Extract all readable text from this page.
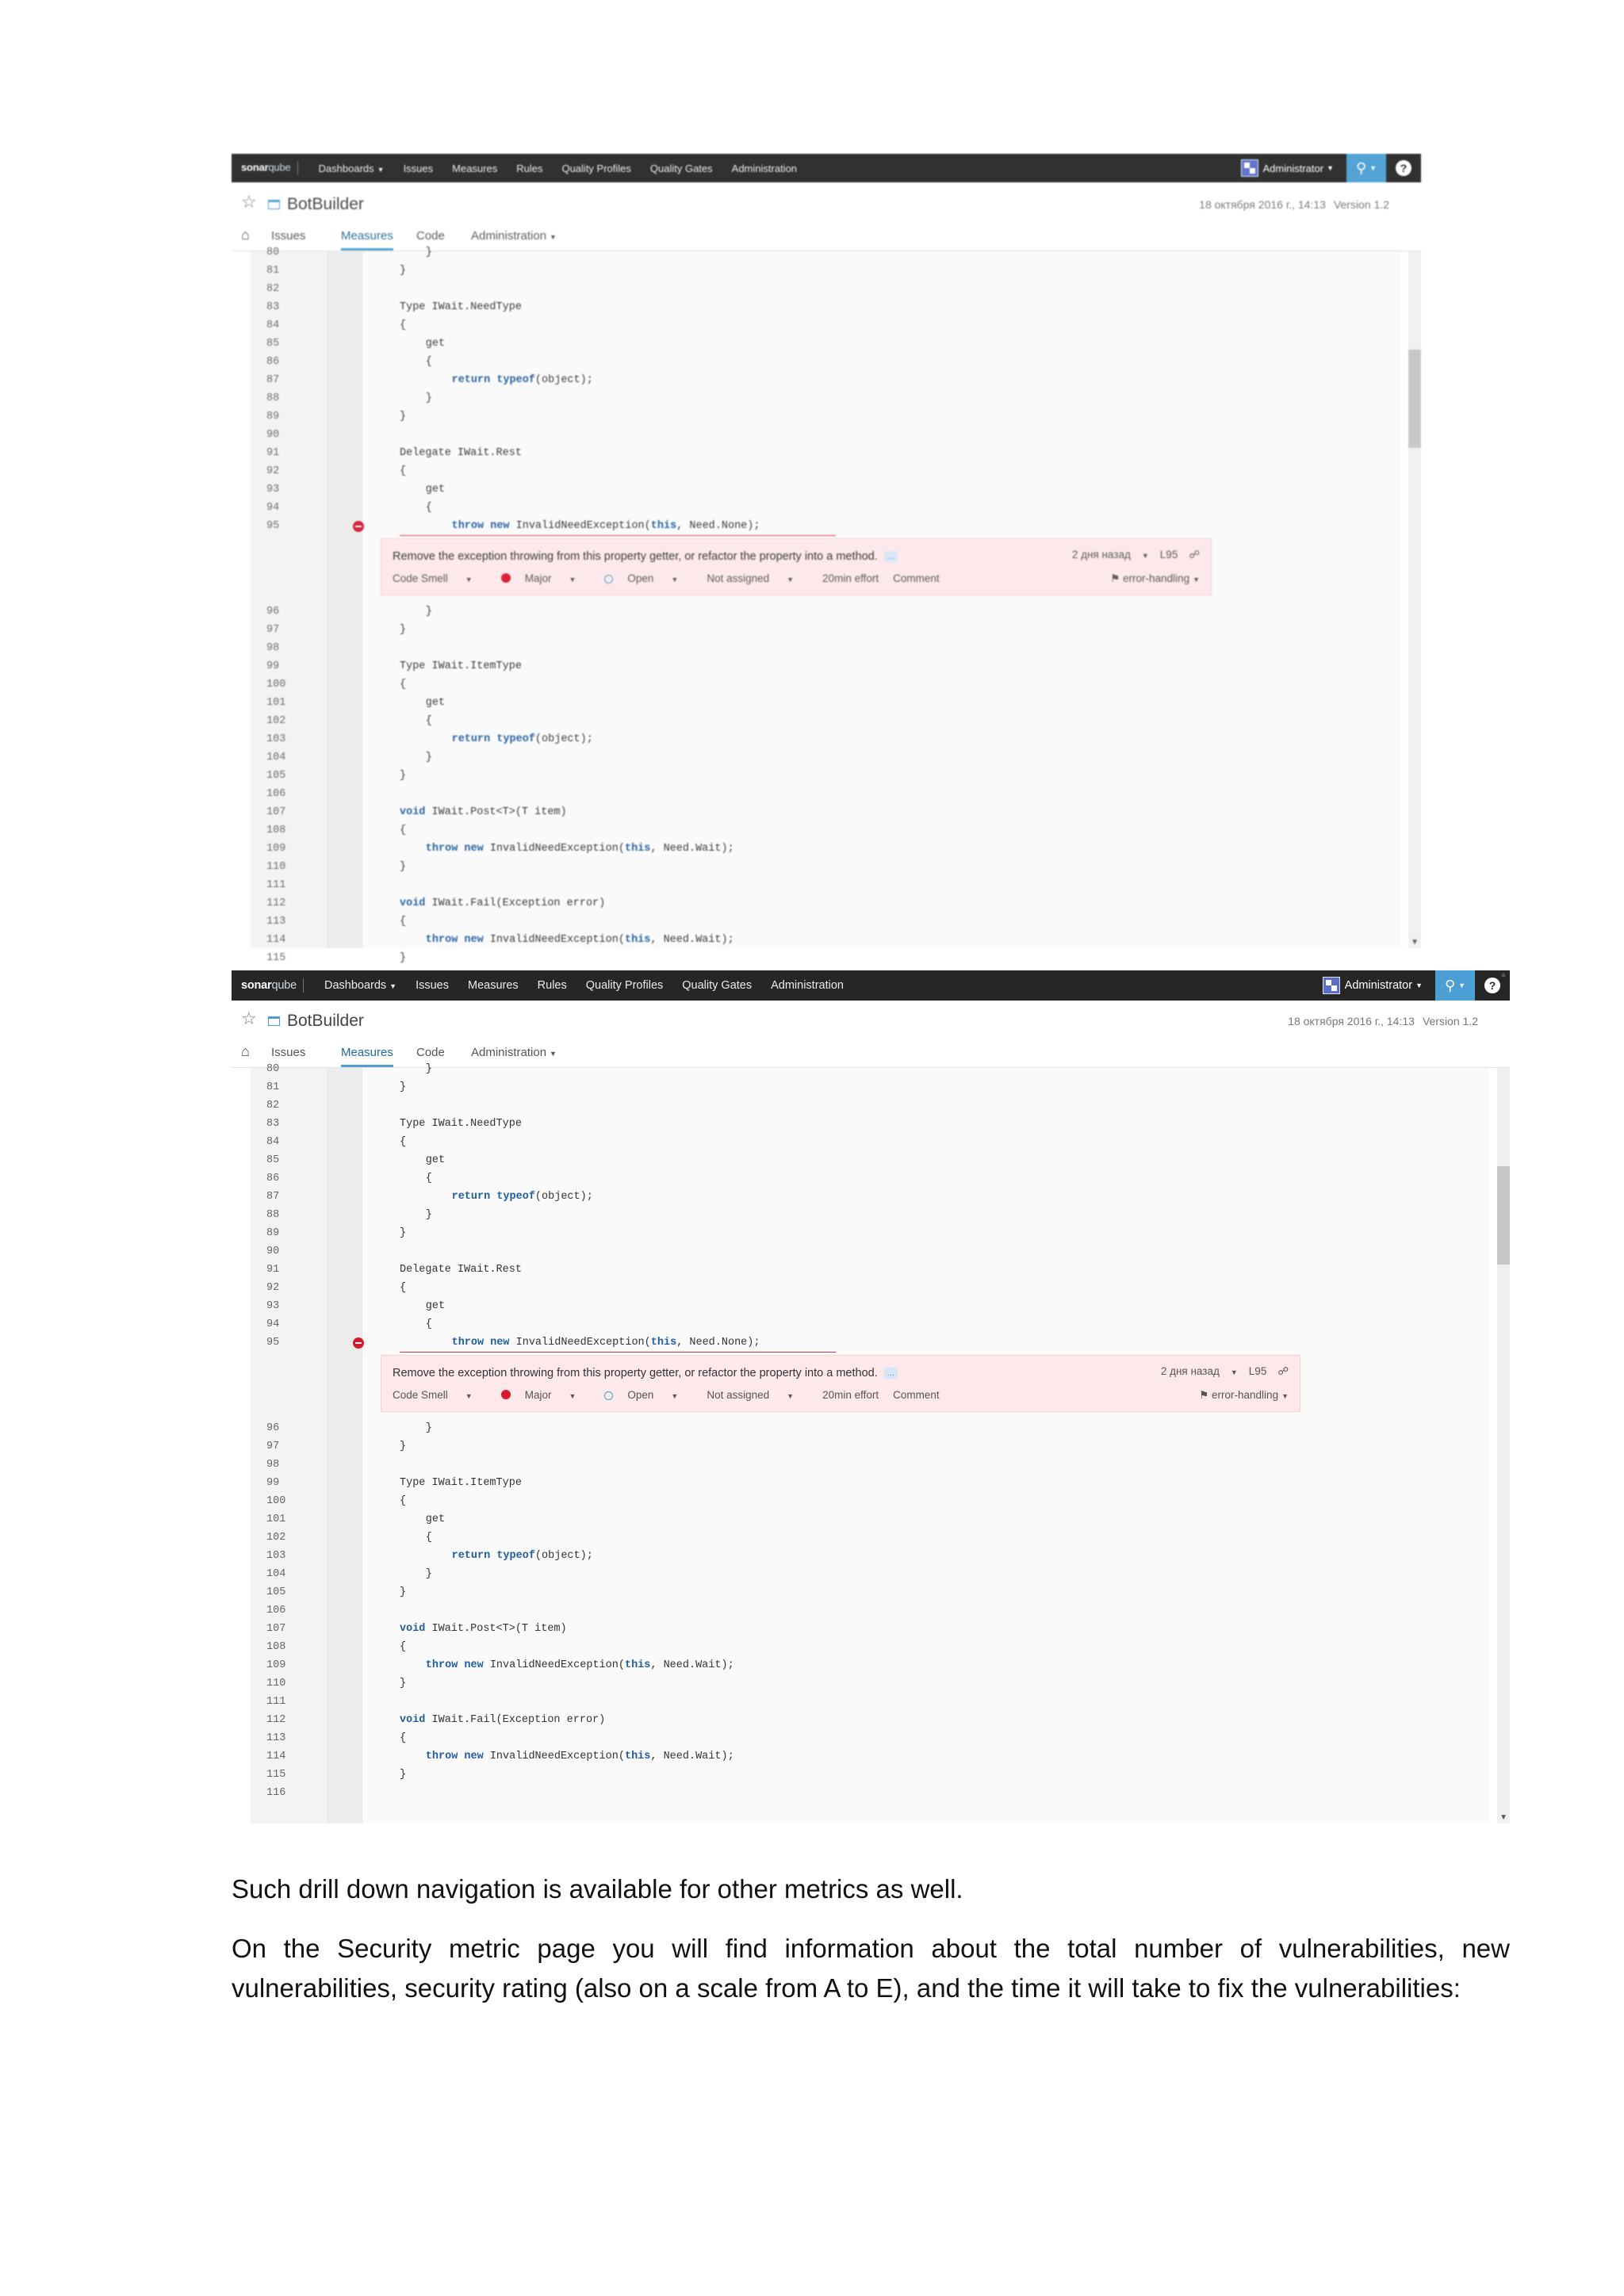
sonarqube	Dashboards ▼ Issues Measures Rules Quality Profiles Quality Gates Administration	Administrator ▼ ⚲ ▼	?
☆ BotBuilder	18 октября 2016 г., 14:13 Version 1.2
⌂ Issues	Measures Code Administration ▼
▼
80	}
81	}
82
83	Type IWait.NeedType
84	{
85	get
86	{
87	return typeof(object);
88	}
89	}
90
91	Delegate IWait.Rest
92	{
93	get
94	{
95	throw new InvalidNeedException(this, Need.None);
Remove the exception throwing from this property getter, or refactor the property into a method. ...
Code Smell ▼	Major ▼	Open ▼	Not assigned ▼	20min effort Comment
2 дня назад ▼ L95 ☍
⚑ error-handling ▼
96	}
97	}
98
99	Type IWait.ItemType
100	{
101	get
102	{
103	return typeof(object);
104	}
105	}
106
107	void IWait.Post<T>(T item)
108	{
109	throw new InvalidNeedException(this, Need.Wait);
110	}
111
112	void IWait.Fail(Exception error)
113	{
114	throw new InvalidNeedException(this, Need.Wait);
115	}
sonarqube	Dashboards ▼ Issues Measures Rules Quality Profiles Quality Gates Administration	Administrator ▼ ⚲ ▼	?
☆ BotBuilder	18 октября 2016 г., 14:13 Version 1.2
⌂ Issues	Measures Code Administration ▼
▼
80	}
81	}
82
83	Type IWait.NeedType
84	{
85	get
86	{
87	return typeof(object);
88	}
89	}
90
91	Delegate IWait.Rest
92	{
93	get
94	{
95	throw new InvalidNeedException(this, Need.None);
Remove the exception throwing from this property getter, or refactor the property into a method. ...
Code Smell ▼	Major ▼	Open ▼	Not assigned ▼	20min effort Comment
2 дня назад ▼ L95 ☍
⚑ error-handling ▼
96	}
97	}
98
99	Type IWait.ItemType
100	{
101	get
102	{
103	return typeof(object);
104	}
105	}
106
107	void IWait.Post<T>(T item)
108	{
109	throw new InvalidNeedException(this, Need.Wait);
110	}
111
112	void IWait.Fail(Exception error)
113	{
114	throw new InvalidNeedException(this, Need.Wait);
115	}
116
▲

Such drill down navigation is available for other metrics as well.

On the Security metric page you will find information about the total number of vulnerabilities, new vulnerabilities, security rating (also on a scale from A to E), and the time it will take to fix the vulnerabilities:
